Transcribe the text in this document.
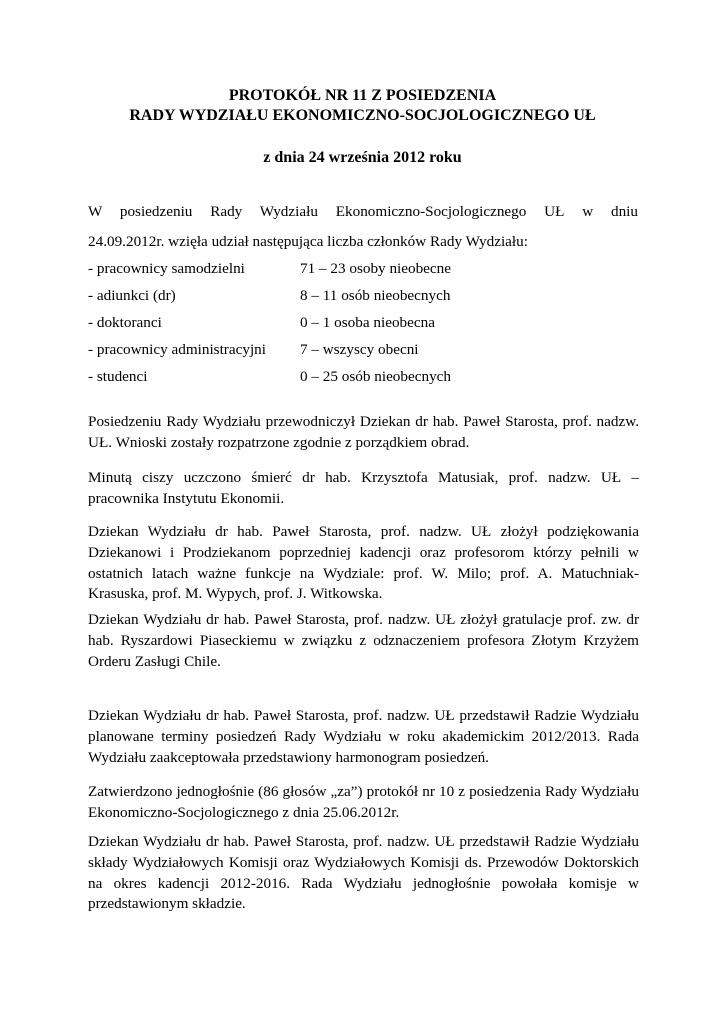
PROTOKÓŁ NR 11 Z POSIEDZENIA
RADY WYDZIAŁU EKONOMICZNO-SOCJOLOGICZNEGO UŁ
z dnia 24 września 2012 roku
W posiedzeniu Rady Wydziału Ekonomiczno-Socjologicznego UŁ w dniu
24.09.2012r. wzięła udział następująca liczba członków Rady Wydziału:
- pracownicy samodzielni	71 – 23 osoby nieobecne
- adiunkci (dr)	8 – 11 osób nieobecnych
- doktoranci	0 – 1 osoba nieobecna
- pracownicy administracyjni 7 – wszyscy obecni
- studenci	0 – 25 osób nieobecnych

Posiedzeniu Rady Wydziału przewodniczył Dziekan dr hab. Paweł Starosta, prof. nadzw. UŁ. Wnioski zostały rozpatrzone zgodnie z porządkiem obrad.

Minutą ciszy uczczono śmierć dr hab. Krzysztofa Matusiak, prof. nadzw. UŁ – pracownika Instytutu Ekonomii.

Dziekan Wydziału dr hab. Paweł Starosta, prof. nadzw. UŁ złożył podziękowania Dziekanowi i Prodziekanom poprzedniej kadencji oraz profesorom którzy pełnili w ostatnich latach ważne funkcje na Wydziale: prof. W. Milo; prof. A. Matuchniak-Krasuska, prof. M. Wypych, prof. J. Witkowska.

Dziekan Wydziału dr hab. Paweł Starosta, prof. nadzw. UŁ złożył gratulacje prof. zw. dr hab. Ryszardowi Piaseckiemu w związku z odznaczeniem profesora Złotym Krzyżem Orderu Zasługi Chile.

Dziekan Wydziału dr hab. Paweł Starosta, prof. nadzw. UŁ przedstawił Radzie Wydziału planowane terminy posiedzeń Rady Wydziału w roku akademickim 2012/2013. Rada Wydziału zaakceptowała przedstawiony harmonogram posiedzeń.

Zatwierdzono jednogłośnie (86 głosów „za”) protokół nr 10 z posiedzenia Rady Wydziału Ekonomiczno-Socjologicznego z dnia 25.06.2012r.

Dziekan Wydziału dr hab. Paweł Starosta, prof. nadzw. UŁ przedstawił Radzie Wydziału składy Wydziałowych Komisji oraz Wydziałowych Komisji ds. Przewodów Doktorskich na okres kadencji 2012-2016. Rada Wydziału jednogłośnie powołała komisje w przedstawionym składzie.
